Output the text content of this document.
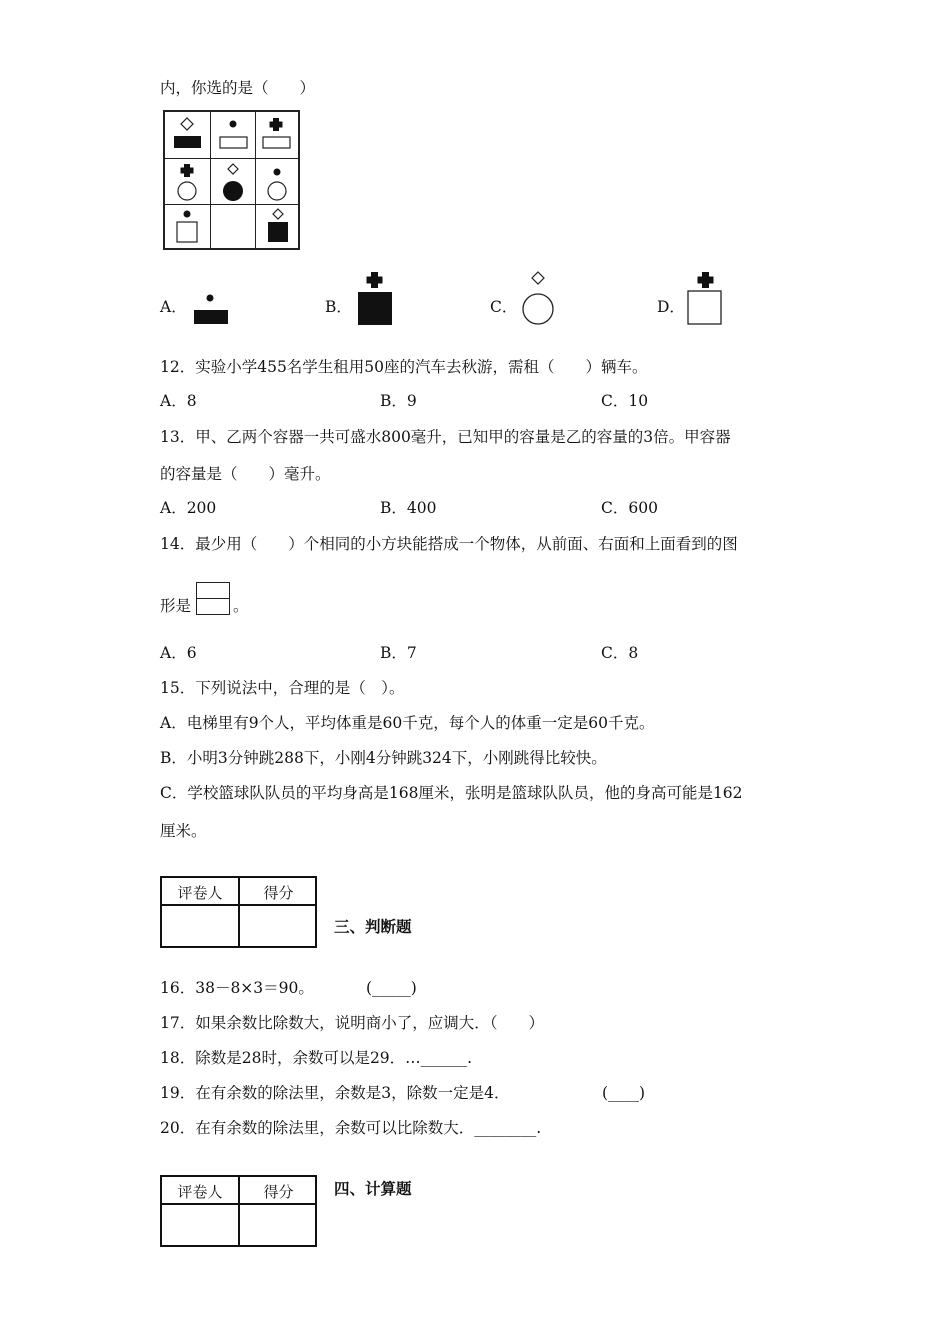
内，你选的是（　　）
A．	B．	C．	D．
12．实验小学455名学生租用50座的汽车去秋游，需租（　　）辆车。
A．8	B．9	C．10
13．甲、乙两个容器一共可盛水800毫升，已知甲的容量是乙的容量的3倍。甲容器
的容量是（　　）毫升。
A．200	B．400	C．600
14．最少用（　　）个相同的小方块能搭成一个物体，从前面、右面和上面看到的图
形是	。
A．6	B．7	C．8
15．下列说法中，合理的是（　）。
A．电梯里有9个人，平均体重是60千克，每个人的体重一定是60千克。
B．小明3分钟跳288下，小刚4分钟跳324下，小刚跳得比较快。
C．学校篮球队队员的平均身高是168厘米，张明是篮球队队员，他的身高可能是162
厘米。
评卷人	得分
三、判断题
16．38－8×3＝90。	(_____)
17．如果余数比除数大，说明商小了，应调大．（　　）
18．除数是28时，余数可以是29．…______.
19．在有余数的除法里，余数是3，除数一定是4．	(____)
20．在有余数的除法里，余数可以比除数大．________.
评卷人	得分	四、计算题
